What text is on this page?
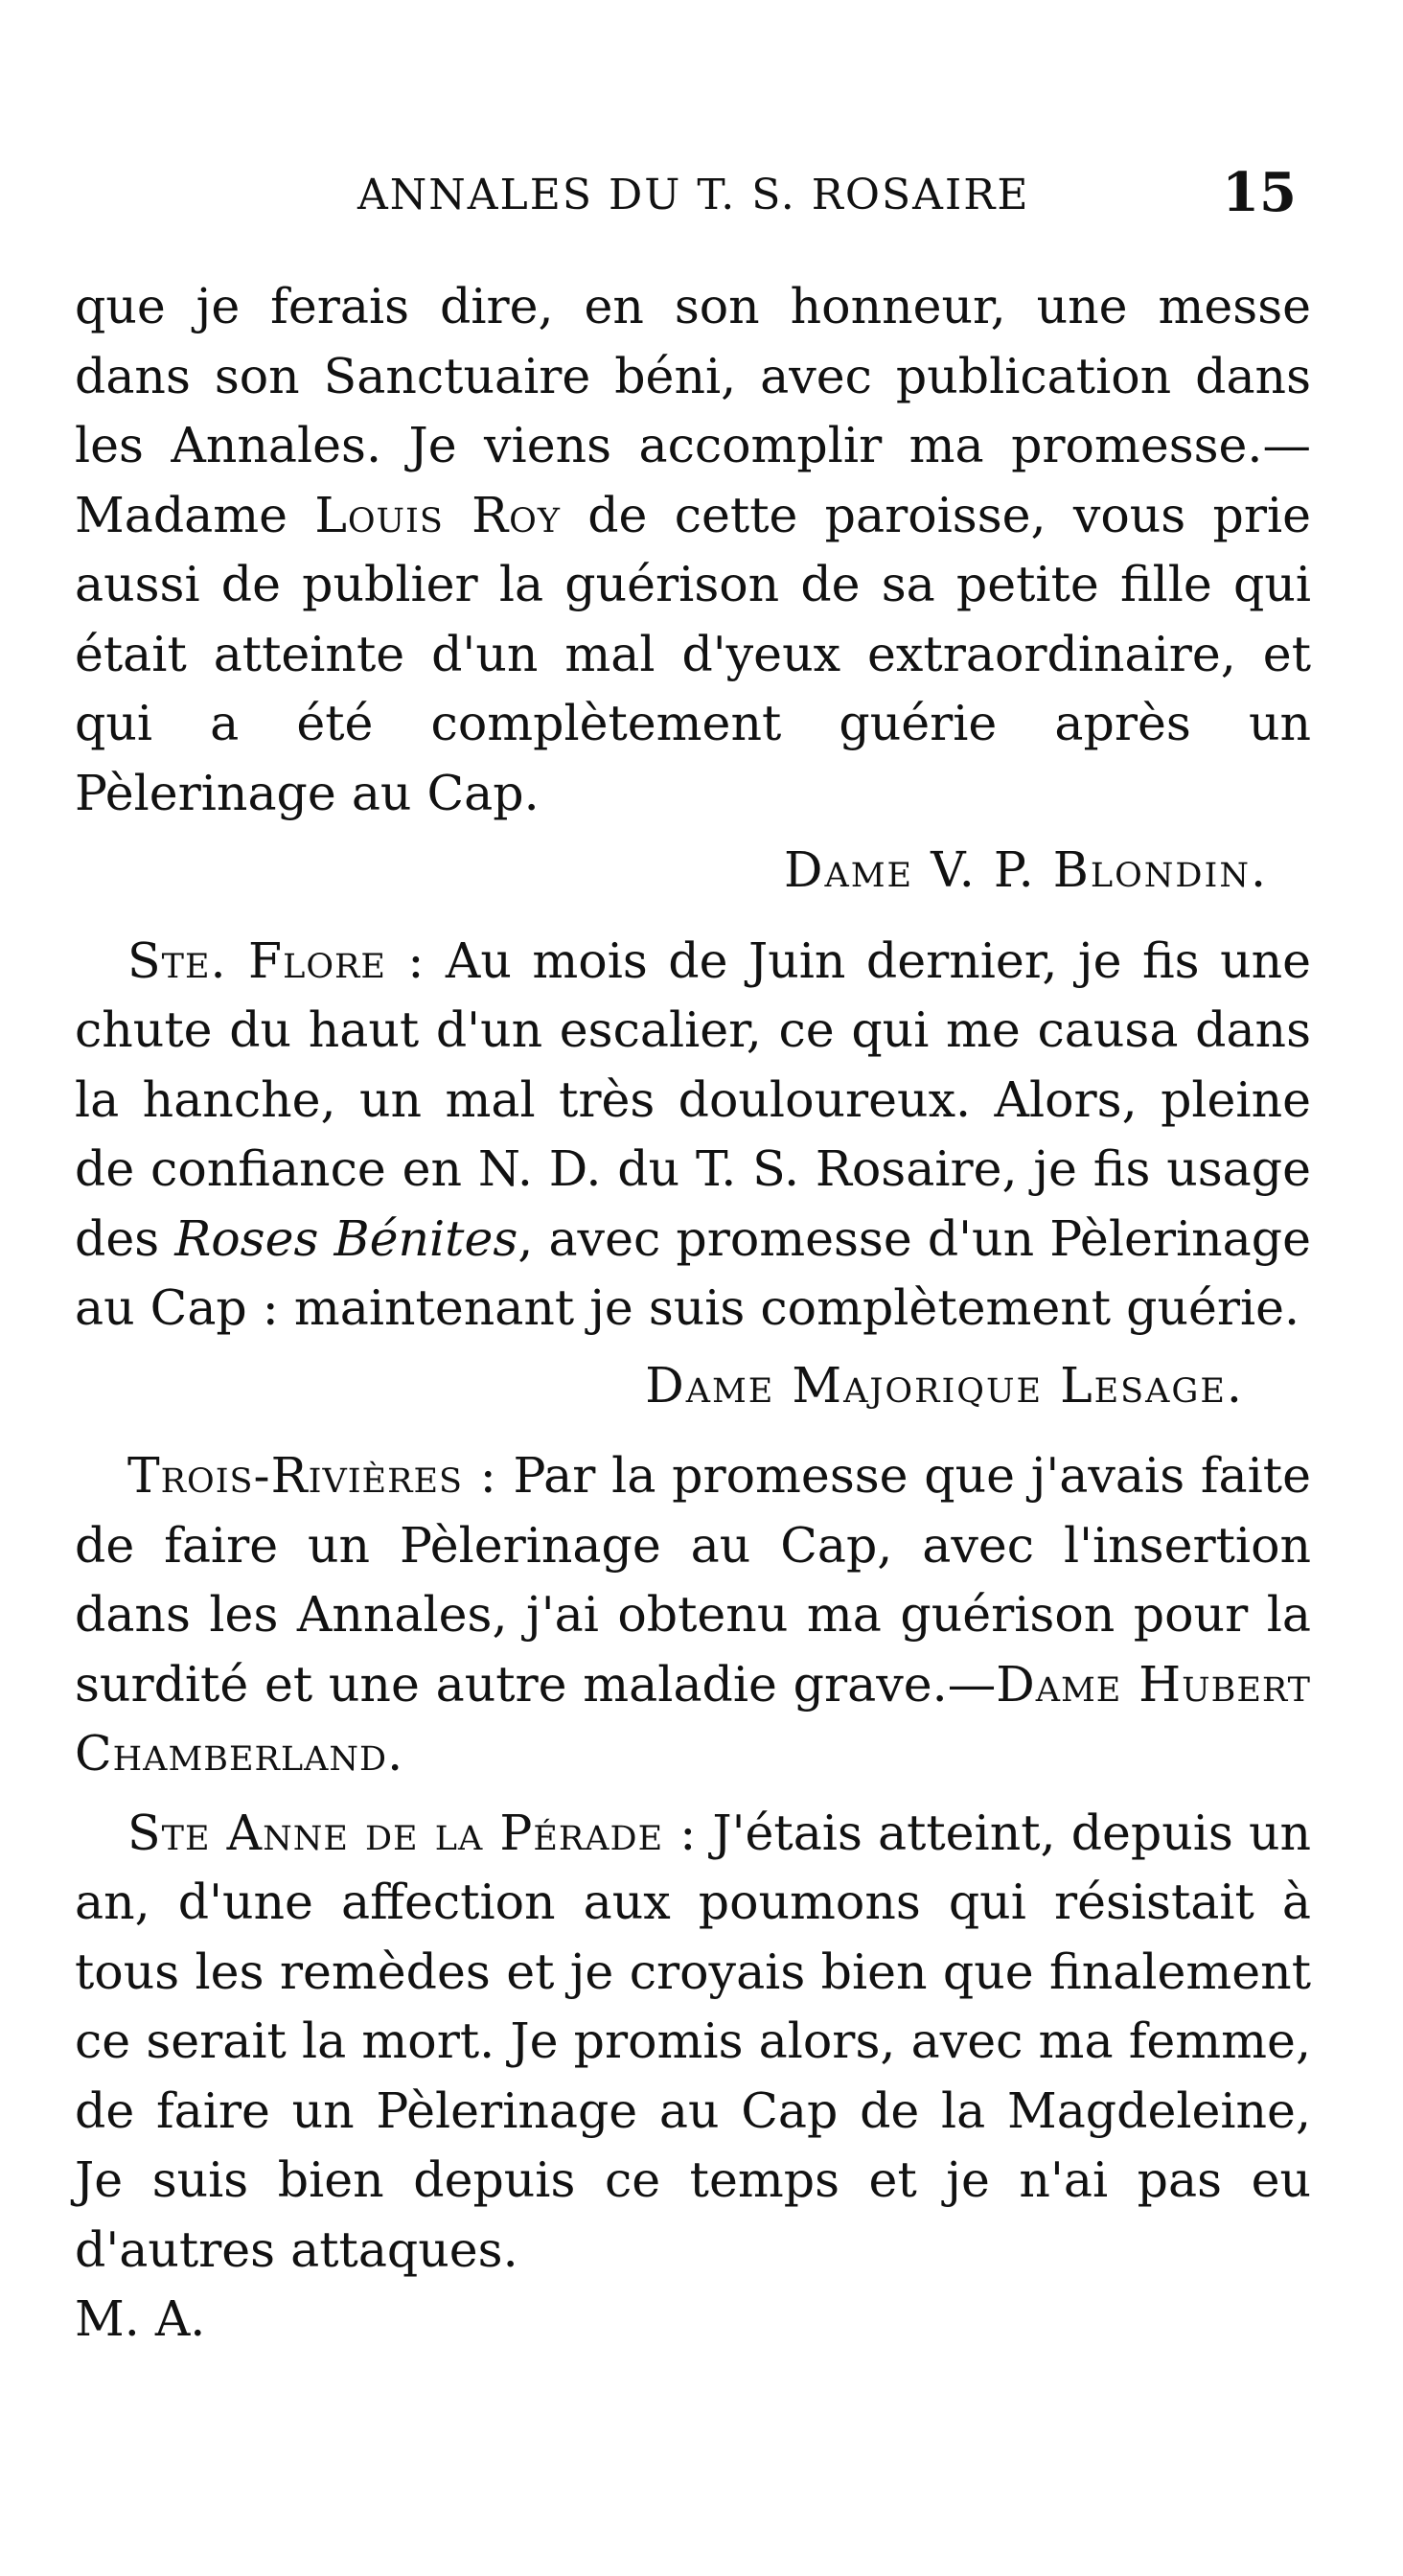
ANNALES DU T. S. ROSAIRE	15

que je ferais dire, en son honneur, une messe dans son Sanctuaire béni, avec publication dans les Annales. Je viens accomplir ma promesse.—Madame Louis Roy de cette paroisse, vous prie aussi de publier la guérison de sa petite fille qui était atteinte d'un mal d'yeux extraordinaire, et qui a été complètement guérie après un Pèlerinage au Cap.

Dame V. P. Blondin.

Ste. Flore : Au mois de Juin dernier, je fis une chute du haut d'un escalier, ce qui me causa dans la hanche, un mal très douloureux. Alors, pleine de confiance en N. D. du T. S. Rosaire, je fis usage des Roses Bénites, avec promesse d'un Pèlerinage au Cap : maintenant je suis complètement guérie.

Dame Majorique Lesage.

Trois-Rivières : Par la promesse que j'avais faite de faire un Pèlerinage au Cap, avec l'insertion dans les Annales, j'ai obtenu ma guérison pour la surdité et une autre maladie grave.—Dame Hubert Chamberland.

Ste Anne de la Pérade : J'étais atteint, depuis un an, d'une affection aux poumons qui résistait à tous les remèdes et je croyais bien que finalement ce serait la mort. Je promis alors, avec ma femme, de faire un Pèlerinage au Cap de la Magdeleine, Je suis bien depuis ce temps et je n'ai pas eu d'autres attaques.

M. A.
